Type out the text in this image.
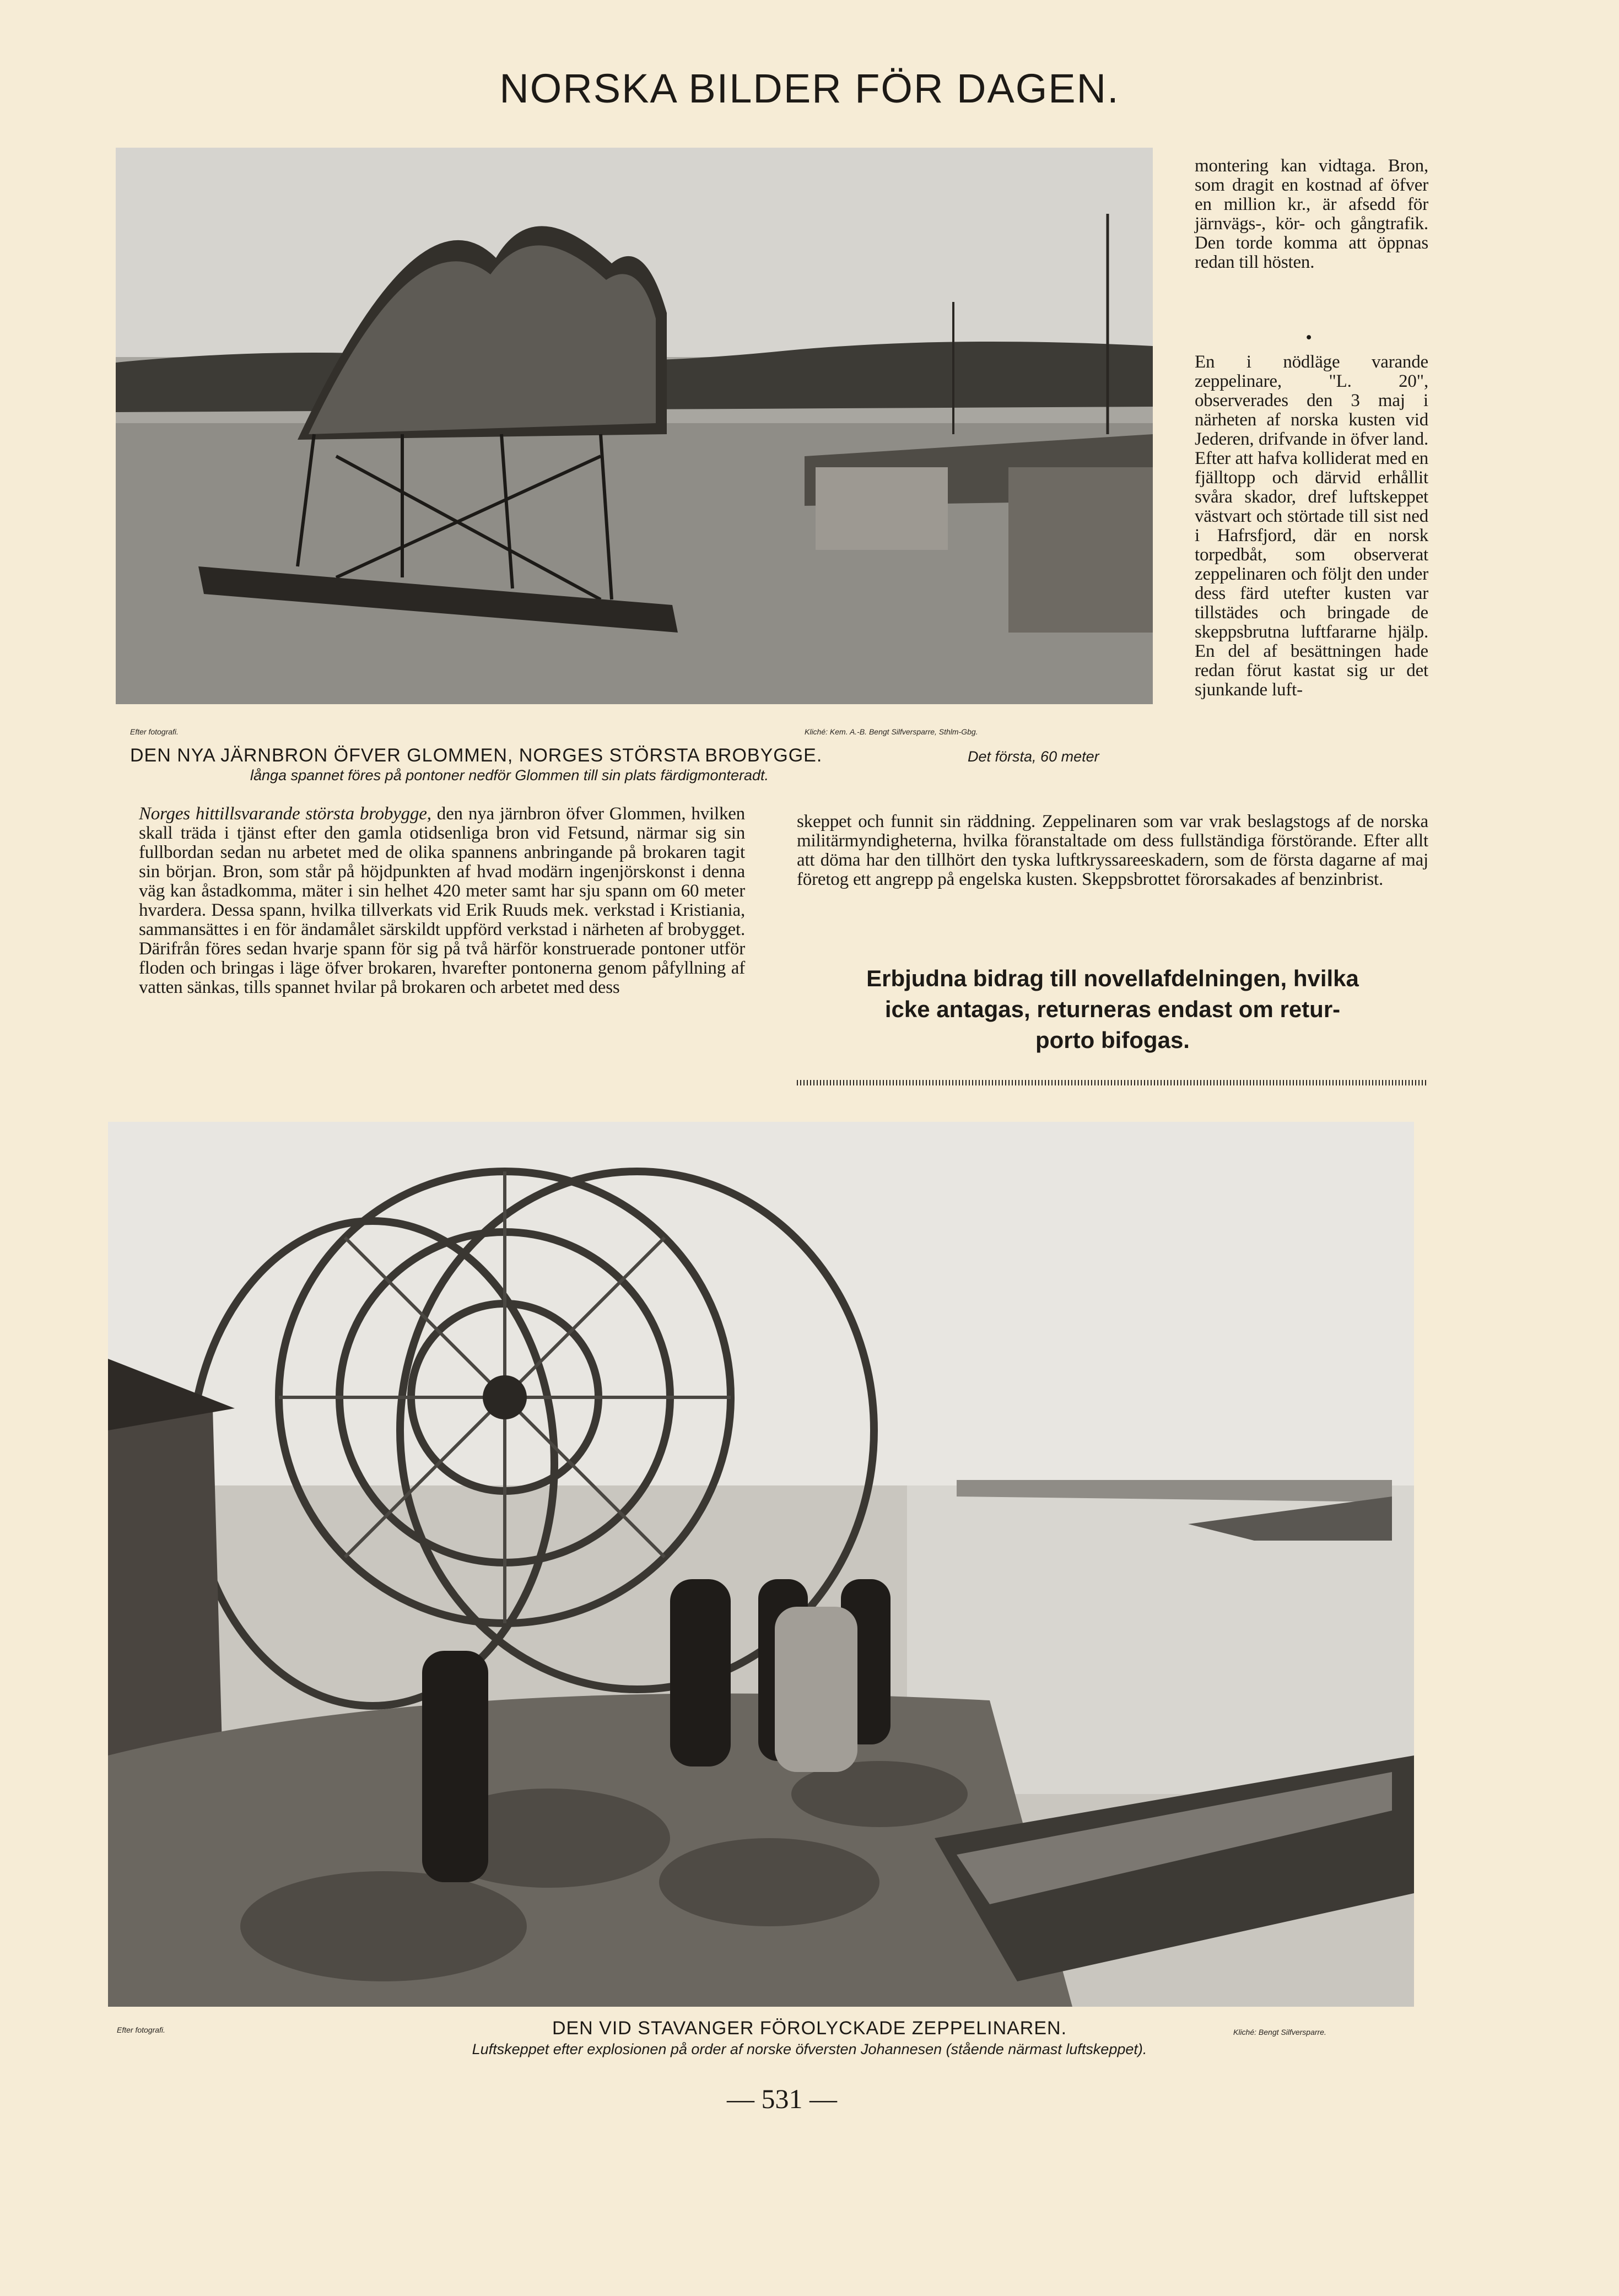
NORSKA BILDER FÖR DAGEN.
Efter fotografi.	Kliché: Kem. A.-B. Bengt Silfversparre, Sthlm-Gbg.
DEN NYA JÄRNBRON ÖFVER GLOMMEN, NORGES STÖRSTA BROBYGGE.	Det första, 60 meter
långa spannet föres på pontoner nedför Glommen till sin plats färdigmonteradt.
montering kan vidtaga. Bron, som dragit en kostnad af öfver en million kr., är afsedd för järnvägs-, kör- och gångtrafik. Den torde komma att öppnas redan till hösten.
•
En i nödläge varande zeppelinare, "L. 20", observerades den 3 maj i närheten af norska kusten vid Jederen, drifvande in öfver land. Efter att hafva kolliderat med en fjälltopp och därvid erhållit svåra skador, dref luftskeppet västvart och störtade till sist ned i Hafrsfjord, där en norsk torpedbåt, som observerat zeppelinaren och följt den under dess färd utefter kusten var tillstädes och bringade de skeppsbrutna luftfararne hjälp. En del af besättningen hade redan förut kastat sig ur det sjunkande luft-
Norges hittillsvarande största brobygge, den nya järnbron öfver Glommen, hvilken skall träda i tjänst efter den gamla otidsenliga bron vid Fetsund, närmar sig sin fullbordan sedan nu arbetet med de olika spannens anbringande på brokaren tagit sin början. Bron, som står på höjdpunkten af hvad modärn ingenjörskonst i denna väg kan åstadkomma, mäter i sin helhet 420 meter samt har sju spann om 60 meter hvardera. Dessa spann, hvilka tillverkats vid Erik Ruuds mek. verkstad i Kristiania, sammansättes i en för ändamålet särskildt uppförd verkstad i närheten af brobygget. Därifrån föres sedan hvarje spann för sig på två härför konstruerade pontoner utför floden och bringas i läge öfver brokaren, hvarefter pontonerna genom påfyllning af vatten sänkas, tills spannet hvilar på brokaren och arbetet med dess
skeppet och funnit sin räddning. Zeppelinaren som var vrak beslagstogs af de norska militärmyndigheterna, hvilka föranstaltade om dess fullständiga förstörande. Efter allt att döma har den tillhört den tyska luftkryssareeskadern, som de första dagarne af maj företog ett angrepp på engelska kusten. Skeppsbrottet förorsakades af benzinbrist.
Erbjudna bidrag till novellafdelningen, hvilka
icke antagas, returneras endast om retur-
porto bifogas.
Efter fotografi.	Kliché: Bengt Silfversparre.
DEN VID STAVANGER FÖROLYCKADE ZEPPELINAREN.
Luftskeppet efter explosionen på order af norske öfversten Johannesen (stående närmast luftskeppet).
— 531 —
